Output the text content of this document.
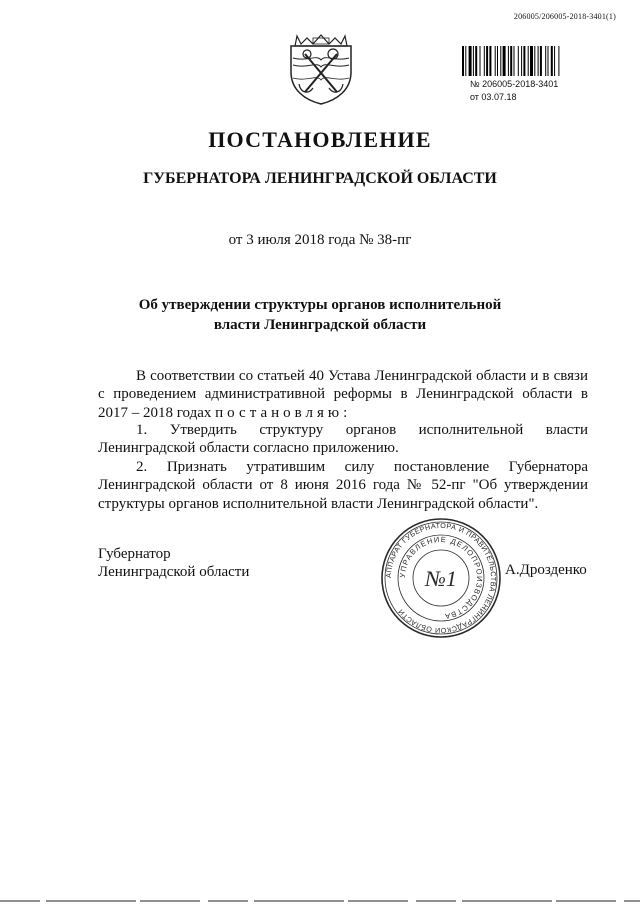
206005/206005-2018-3401(1)
№ 206005-2018-3401
от 03.07.18
ПОСТАНОВЛЕНИЕ
ГУБЕРНАТОРА ЛЕНИНГРАДСКОЙ ОБЛАСТИ
от 3 июля 2018 года № 38-пг
Об утверждении структуры органов исполнительной
власти Ленинградской области

В соответствии со статьей 40 Устава Ленинградской области и в связи с проведением административной реформы в Ленинградской области в 2017 – 2018 годах постановляю:

1. Утвердить структуру органов исполнительной власти Ленинградской области согласно приложению.

2. Признать утратившим силу постановление Губернатора Ленинградской области от 8 июня 2016 года № 52-пг "Об утверждении структуры органов исполнительной власти Ленинградской области".

Губернатор
Ленинградской области	АППАРАТ ГУБЕРНАТОРА И ПРАВИТЕЛЬСТВА ЛЕНИНГРАДСКОЙ ОБЛАСТИ
УПРАВЛЕНИЕ ДЕЛОПРОИЗВОДСТВА
№1	А.Дрозденко
